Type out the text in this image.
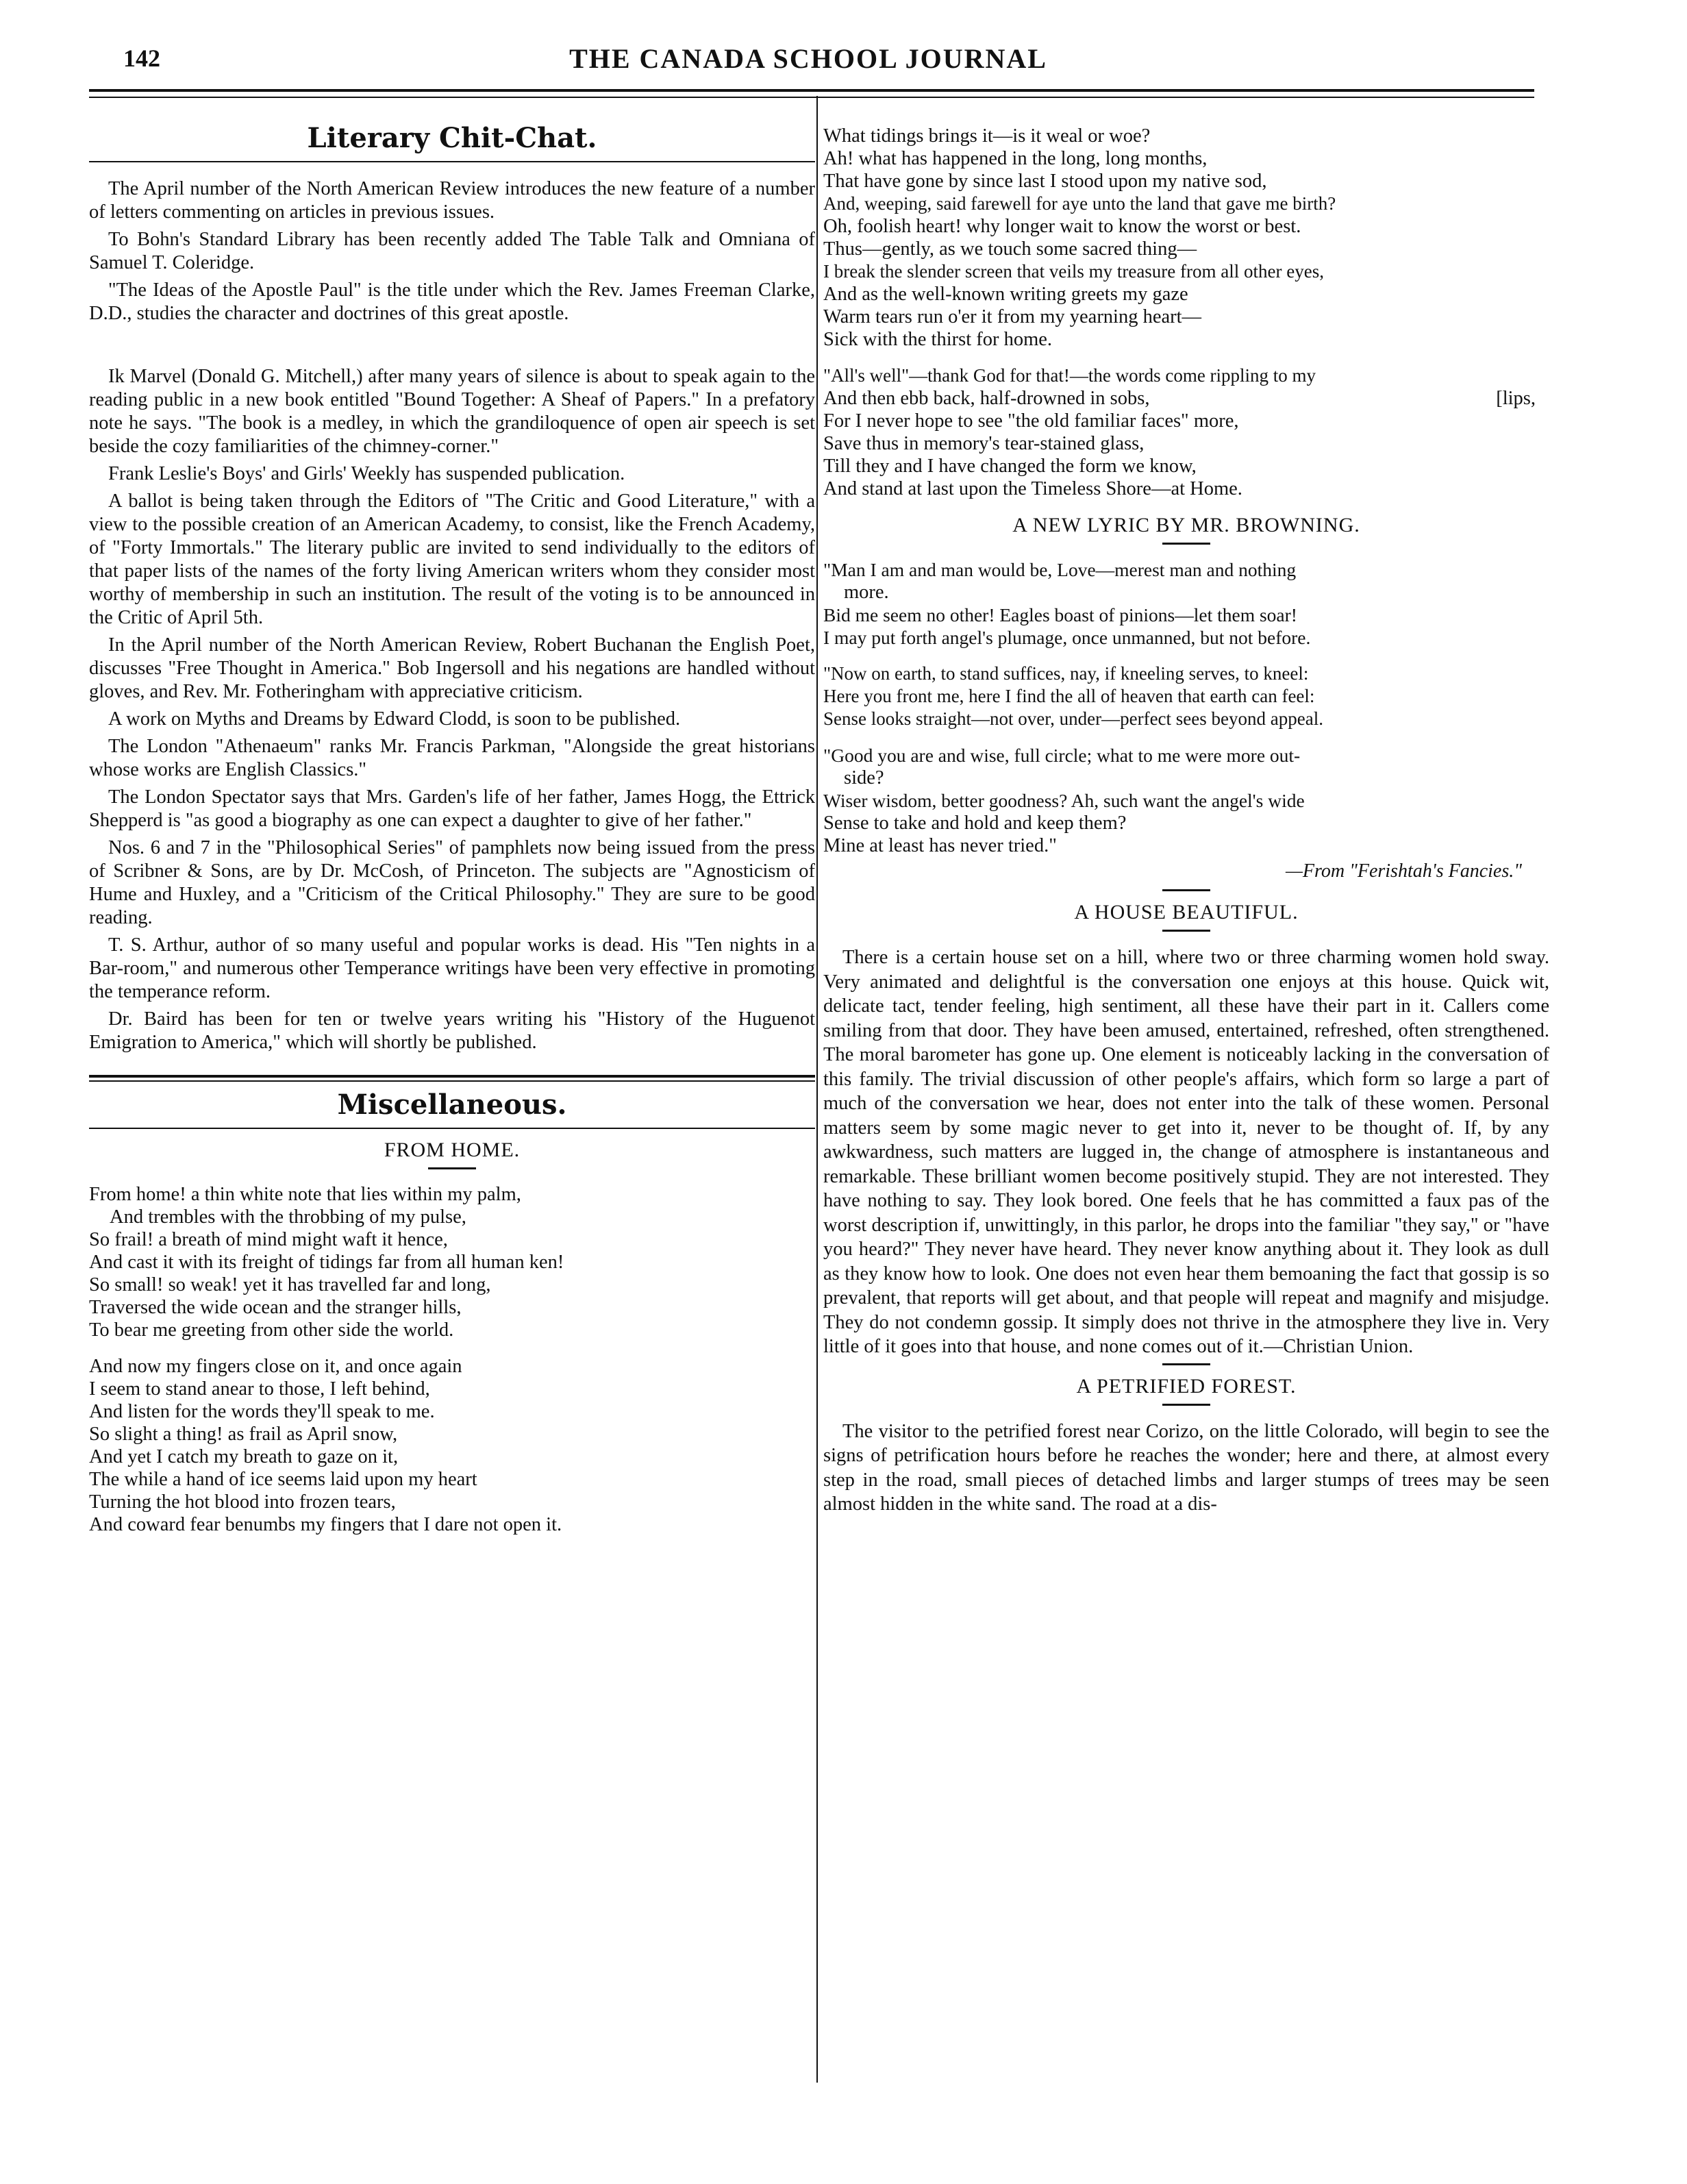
142	THE CANADA SCHOOL JOURNAL
Literary Chit-Chat.

The April number of the North American Review introduces the new feature of a number of letters commenting on articles in previous issues.

To Bohn's Standard Library has been recently added The Table Talk and Omniana of Samuel T. Coleridge.

"The Ideas of the Apostle Paul" is the title under which the Rev. James Freeman Clarke, D.D., studies the character and doctrines of this great apostle.

Ik Marvel (Donald G. Mitchell,) after many years of silence is about to speak again to the reading public in a new book entitled "Bound Together: A Sheaf of Papers." In a prefatory note he says. "The book is a medley, in which the grandiloquence of open air speech is set beside the cozy familiarities of the chimney-corner."

Frank Leslie's Boys' and Girls' Weekly has suspended publication.

A ballot is being taken through the Editors of "The Critic and Good Literature," with a view to the possible creation of an American Academy, to consist, like the French Academy, of "Forty Immortals." The literary public are invited to send individually to the editors of that paper lists of the names of the forty living American writers whom they consider most worthy of membership in such an institution. The result of the voting is to be announced in the Critic of April 5th.

In the April number of the North American Review, Robert Buchanan the English Poet, discusses "Free Thought in America." Bob Ingersoll and his negations are handled without gloves, and Rev. Mr. Fotheringham with appreciative criticism.

A work on Myths and Dreams by Edward Clodd, is soon to be published.

The London "Athenaeum" ranks Mr. Francis Parkman, "Alongside the great historians whose works are English Classics."

The London Spectator says that Mrs. Garden's life of her father, James Hogg, the Ettrick Shepperd is "as good a biography as one can expect a daughter to give of her father."

Nos. 6 and 7 in the "Philosophical Series" of pamphlets now being issued from the press of Scribner & Sons, are by Dr. McCosh, of Princeton. The subjects are "Agnosticism of Hume and Huxley, and a "Criticism of the Critical Philosophy." They are sure to be good reading.

T. S. Arthur, author of so many useful and popular works is dead. His "Ten nights in a Bar-room," and numerous other Temperance writings have been very effective in promoting the temperance reform.

Dr. Baird has been for ten or twelve years writing his "History of the Huguenot Emigration to America," which will shortly be published.

Miscellaneous.
FROM HOME.
From home! a thin white note that lies within my palm,
And trembles with the throbbing of my pulse,
So frail! a breath of mind might waft it hence,
And cast it with its freight of tidings far from all human ken!
So small! so weak! yet it has travelled far and long,
Traversed the wide ocean and the stranger hills,
To bear me greeting from other side the world.
And now my fingers close on it, and once again
I seem to stand anear to those, I left behind,
And listen for the words they'll speak to me.
So slight a thing! as frail as April snow,
And yet I catch my breath to gaze on it,
The while a hand of ice seems laid upon my heart
Turning the hot blood into frozen tears,
And coward fear benumbs my fingers that I dare not open it.
What tidings brings it—is it weal or woe?
Ah! what has happened in the long, long months,
That have gone by since last I stood upon my native sod,
And, weeping, said farewell for aye unto the land that gave me birth?
Oh, foolish heart! why longer wait to know the worst or best.
Thus—gently, as we touch some sacred thing—
I break the slender screen that veils my treasure from all other eyes,
And as the well-known writing greets my gaze
Warm tears run o'er it from my yearning heart—
Sick with the thirst for home.
"All's well"—thank God for that!—the words come rippling to my
And then ebb back, half-drowned in sobs,	[lips,
For I never hope to see "the old familiar faces" more,
Save thus in memory's tear-stained glass,
Till they and I have changed the form we know,
And stand at last upon the Timeless Shore—at Home.
A NEW LYRIC BY MR. BROWNING.
"Man I am and man would be, Love—merest man and nothing
more.
Bid me seem no other! Eagles boast of pinions—let them soar!
I may put forth angel's plumage, once unmanned, but not before.
"Now on earth, to stand suffices, nay, if kneeling serves, to kneel:
Here you front me, here I find the all of heaven that earth can feel:
Sense looks straight—not over, under—perfect sees beyond appeal.
"Good you are and wise, full circle; what to me were more out-
side?
Wiser wisdom, better goodness? Ah, such want the angel's wide
Sense to take and hold and keep them?
Mine at least has never tried."
—From "Ferishtah's Fancies."
A HOUSE BEAUTIFUL.

There is a certain house set on a hill, where two or three charming women hold sway. Very animated and delightful is the conversation one enjoys at this house. Quick wit, delicate tact, tender feeling, high sentiment, all these have their part in it. Callers come smiling from that door. They have been amused, entertained, refreshed, often strengthened. The moral barometer has gone up. One element is noticeably lacking in the conversation of this family. The trivial discussion of other people's affairs, which form so large a part of much of the conversation we hear, does not enter into the talk of these women. Personal matters seem by some magic never to get into it, never to be thought of. If, by any awkwardness, such matters are lugged in, the change of atmosphere is instantaneous and remarkable. These brilliant women become positively stupid. They are not interested. They have nothing to say. They look bored. One feels that he has committed a faux pas of the worst description if, unwittingly, in this parlor, he drops into the familiar "they say," or "have you heard?" They never have heard. They never know anything about it. They look as dull as they know how to look. One does not even hear them bemoaning the fact that gossip is so prevalent, that reports will get about, and that people will repeat and magnify and misjudge. They do not condemn gossip. It simply does not thrive in the atmosphere they live in. Very little of it goes into that house, and none comes out of it.—Christian Union.

A PETRIFIED FOREST.

The visitor to the petrified forest near Corizo, on the little Colorado, will begin to see the signs of petrification hours before he reaches the wonder; here and there, at almost every step in the road, small pieces of detached limbs and larger stumps of trees may be seen almost hidden in the white sand. The road at a dis-
